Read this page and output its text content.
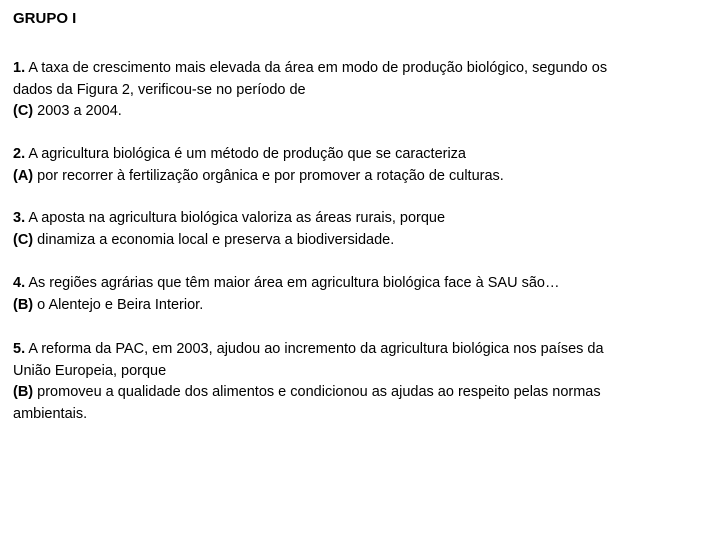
GRUPO I
1. A taxa de crescimento mais elevada da área em modo de produção biológico, segundo os
dados da Figura 2, verificou-se no período de
(C) 2003 a 2004.
2. A agricultura biológica é um método de produção que se caracteriza
(A) por recorrer à fertilização orgânica e por promover a rotação de culturas.
3. A aposta na agricultura biológica valoriza as áreas rurais, porque
(C) dinamiza a economia local e preserva a biodiversidade.
4. As regiões agrárias que têm maior área em agricultura biológica face à SAU são…
(B) o Alentejo e Beira Interior.
5. A reforma da PAC, em 2003, ajudou ao incremento da agricultura biológica nos países da
União Europeia, porque
(B) promoveu a qualidade dos alimentos e condicionou as ajudas ao respeito pelas normas
ambientais.
